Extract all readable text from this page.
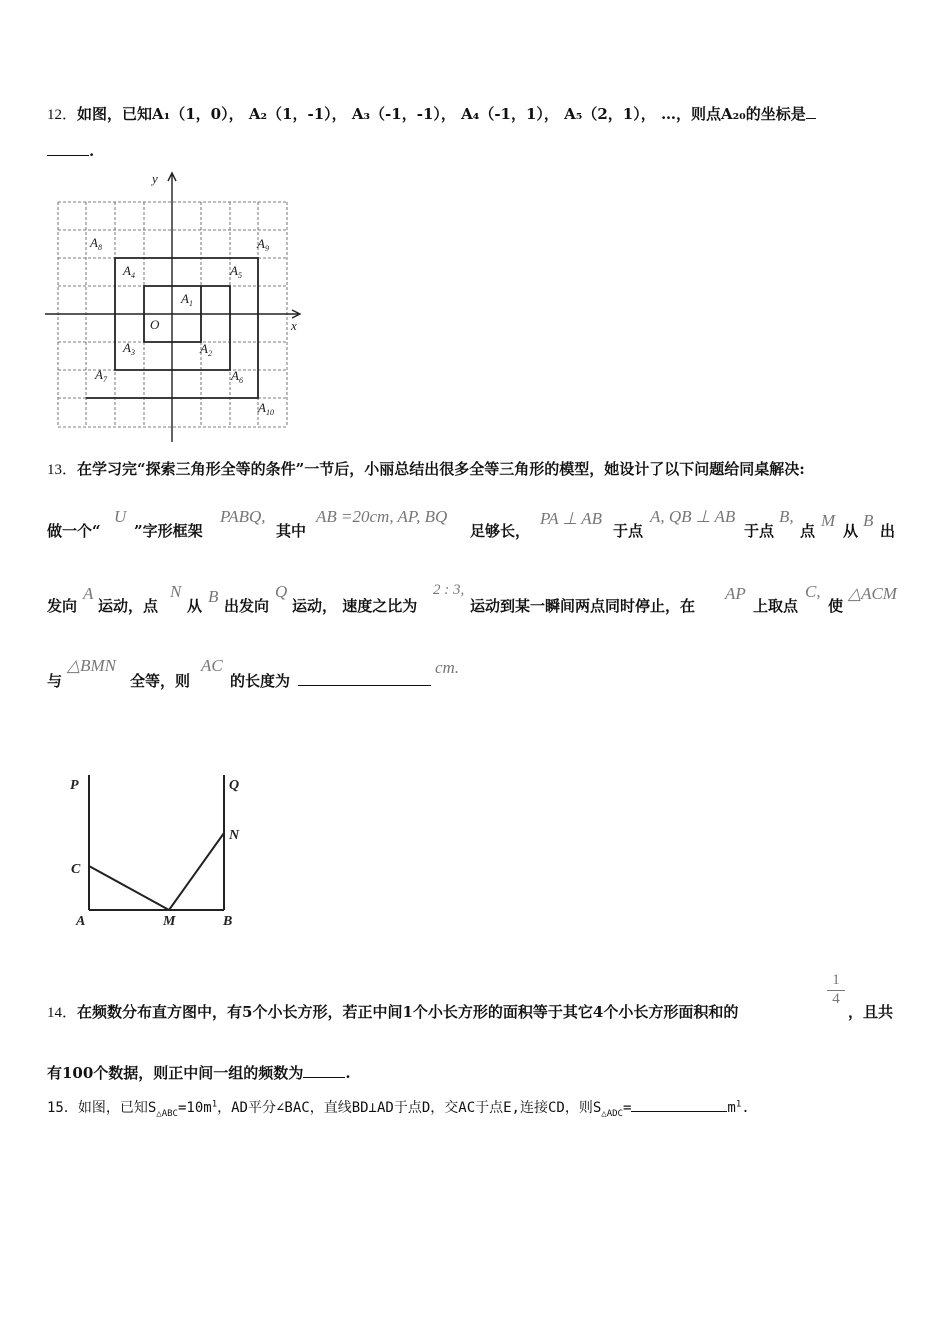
12．如图，已知A₁（1，0）， A₂（1，-1）， A₃（-1，-1）， A₄（-1，1）， A₅（2，1）， …，则点A₂₀的坐标是
.
x
y
O
$A_1$
$A_2$
$A_3$
$A_4$	$A_5$
$A_6$
$A_7$
$A_8$	$A_9$
$A_{10}$
13．在学习完“探索三角形全等的条件”一节后，小丽总结出很多全等三角形的模型，她设计了以下问题给同桌解决:
做一个“
U
”字形框架
PABQ,
其中
AB =20cm, AP, BQ
足够长，
PA ⊥ AB
于点
A, QB ⊥ AB
于点
B,
点
M
从
B
出
发向
A
运动，点
N
从 B 出发向
Q
运动， 速度之比为
2 : 3,
运动到某一瞬间两点同时停止，在
AP
上取点
C,
使
△ACM
与
△BMN
全等，则
AC
的长度为
cm.
P	Q
N
C
A	M	B
14．在频数分布直方图中，有5个小长方形，若正中间1个小长方形的面积等于其它4个小长方形面积和的
$\frac{1}{4}$
，且共
有100个数据，则正中间一组的频数为	.
15．如图，已知$S_{\triangle ABC}=10m^1$，AD平分∠BAC，直线BD⊥AD于点D，交AC于点E,连接CD，则$S_{\triangle ADC}=$	$m^1$.
